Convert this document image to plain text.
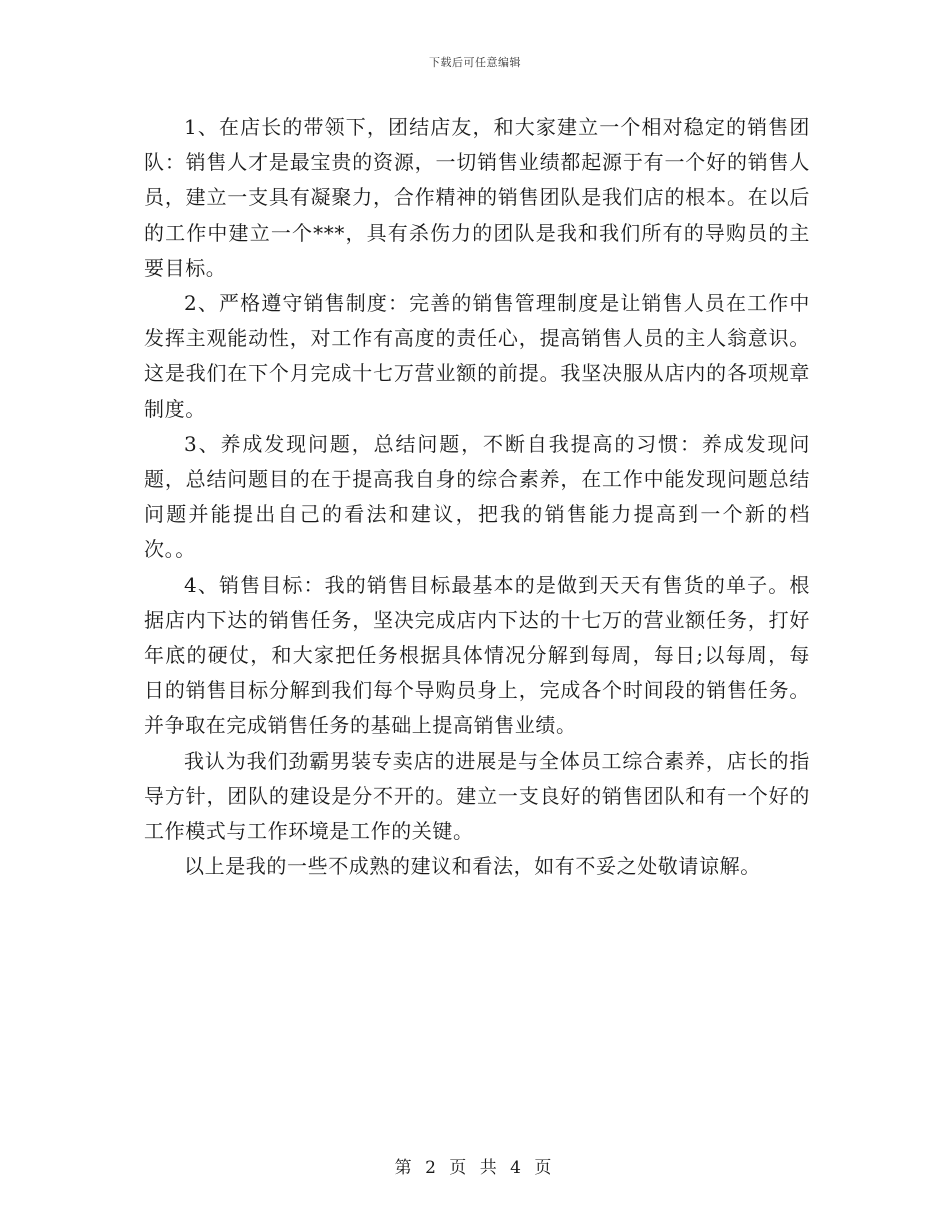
下载后可任意编辑

1、在店长的带领下，团结店友，和大家建立一个相对稳定的销售团队：销售人才是最宝贵的资源，一切销售业绩都起源于有一个好的销售人员，建立一支具有凝聚力，合作精神的销售团队是我们店的根本。在以后的工作中建立一个***，具有杀伤力的团队是我和我们所有的导购员的主要目标。

2、严格遵守销售制度：完善的销售管理制度是让销售人员在工作中发挥主观能动性，对工作有高度的责任心，提高销售人员的主人翁意识。这是我们在下个月完成十七万营业额的前提。我坚决服从店内的各项规章制度。

3、养成发现问题，总结问题，不断自我提高的习惯：养成发现问题，总结问题目的在于提高我自身的综合素养，在工作中能发现问题总结问题并能提出自己的看法和建议，把我的销售能力提高到一个新的档次。。

4、销售目标：我的销售目标最基本的是做到天天有售货的单子。根据店内下达的销售任务，坚决完成店内下达的十七万的营业额任务，打好年底的硬仗，和大家把任务根据具体情况分解到每周，每日;以每周，每日的销售目标分解到我们每个导购员身上，完成各个时间段的销售任务。并争取在完成销售任务的基础上提高销售业绩。

我认为我们劲霸男装专卖店的进展是与全体员工综合素养，店长的指导方针，团队的建设是分不开的。建立一支良好的销售团队和有一个好的工作模式与工作环境是工作的关键。

以上是我的一些不成熟的建议和看法，如有不妥之处敬请谅解。

第 2 页 共 4 页
